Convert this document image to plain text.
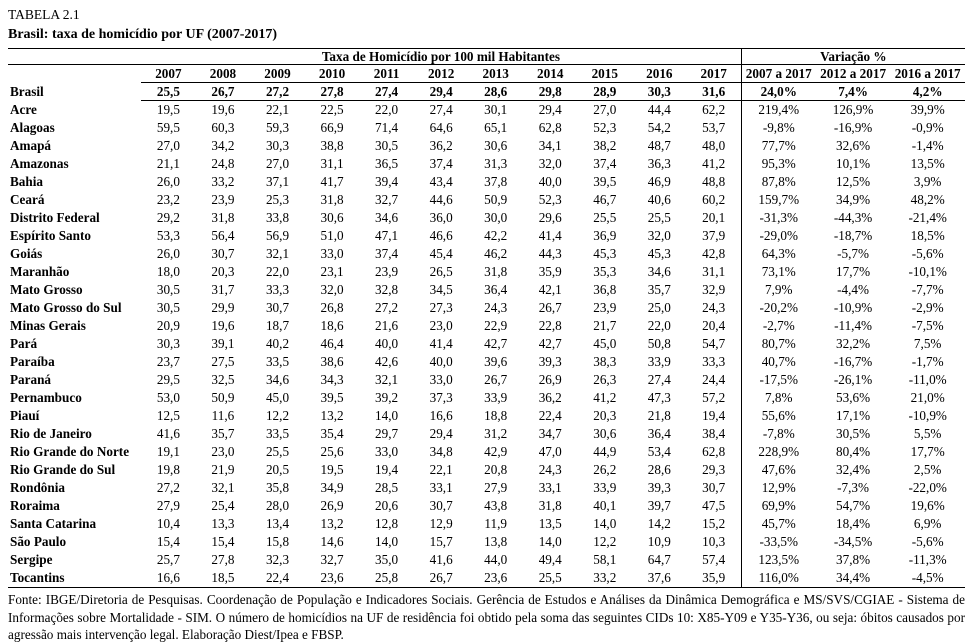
TABELA 2.1
Brasil: taxa de homicídio por UF (2007-2017)
	Taxa de Homicídio por 100 mil Habitantes											Variação %		
	2007	2008	2009	2010	2011	2012	2013	2014	2015	2016	2017	2007 a 2017	2012 a 2017	2016 a 2017
Brasil	25,5	26,7	27,2	27,8	27,4	29,4	28,6	29,8	28,9	30,3	31,6	24,0%	7,4%	4,2%
Acre	19,5	19,6	22,1	22,5	22,0	27,4	30,1	29,4	27,0	44,4	62,2	219,4%	126,9%	39,9%
Alagoas	59,5	60,3	59,3	66,9	71,4	64,6	65,1	62,8	52,3	54,2	53,7	-9,8%	-16,9%	-0,9%
Amapá	27,0	34,2	30,3	38,8	30,5	36,2	30,6	34,1	38,2	48,7	48,0	77,7%	32,6%	-1,4%
Amazonas	21,1	24,8	27,0	31,1	36,5	37,4	31,3	32,0	37,4	36,3	41,2	95,3%	10,1%	13,5%
Bahia	26,0	33,2	37,1	41,7	39,4	43,4	37,8	40,0	39,5	46,9	48,8	87,8%	12,5%	3,9%
Ceará	23,2	23,9	25,3	31,8	32,7	44,6	50,9	52,3	46,7	40,6	60,2	159,7%	34,9%	48,2%
Distrito Federal	29,2	31,8	33,8	30,6	34,6	36,0	30,0	29,6	25,5	25,5	20,1	-31,3%	-44,3%	-21,4%
Espírito Santo	53,3	56,4	56,9	51,0	47,1	46,6	42,2	41,4	36,9	32,0	37,9	-29,0%	-18,7%	18,5%
Goiás	26,0	30,7	32,1	33,0	37,4	45,4	46,2	44,3	45,3	45,3	42,8	64,3%	-5,7%	-5,6%
Maranhão	18,0	20,3	22,0	23,1	23,9	26,5	31,8	35,9	35,3	34,6	31,1	73,1%	17,7%	-10,1%
Mato Grosso	30,5	31,7	33,3	32,0	32,8	34,5	36,4	42,1	36,8	35,7	32,9	7,9%	-4,4%	-7,7%
Mato Grosso do Sul	30,5	29,9	30,7	26,8	27,2	27,3	24,3	26,7	23,9	25,0	24,3	-20,2%	-10,9%	-2,9%
Minas Gerais	20,9	19,6	18,7	18,6	21,6	23,0	22,9	22,8	21,7	22,0	20,4	-2,7%	-11,4%	-7,5%
Pará	30,3	39,1	40,2	46,4	40,0	41,4	42,7	42,7	45,0	50,8	54,7	80,7%	32,2%	7,5%
Paraíba	23,7	27,5	33,5	38,6	42,6	40,0	39,6	39,3	38,3	33,9	33,3	40,7%	-16,7%	-1,7%
Paraná	29,5	32,5	34,6	34,3	32,1	33,0	26,7	26,9	26,3	27,4	24,4	-17,5%	-26,1%	-11,0%
Pernambuco	53,0	50,9	45,0	39,5	39,2	37,3	33,9	36,2	41,2	47,3	57,2	7,8%	53,6%	21,0%
Piauí	12,5	11,6	12,2	13,2	14,0	16,6	18,8	22,4	20,3	21,8	19,4	55,6%	17,1%	-10,9%
Rio de Janeiro	41,6	35,7	33,5	35,4	29,7	29,4	31,2	34,7	30,6	36,4	38,4	-7,8%	30,5%	5,5%
Rio Grande do Norte	19,1	23,0	25,5	25,6	33,0	34,8	42,9	47,0	44,9	53,4	62,8	228,9%	80,4%	17,7%
Rio Grande do Sul	19,8	21,9	20,5	19,5	19,4	22,1	20,8	24,3	26,2	28,6	29,3	47,6%	32,4%	2,5%
Rondônia	27,2	32,1	35,8	34,9	28,5	33,1	27,9	33,1	33,9	39,3	30,7	12,9%	-7,3%	-22,0%
Roraima	27,9	25,4	28,0	26,9	20,6	30,7	43,8	31,8	40,1	39,7	47,5	69,9%	54,7%	19,6%
Santa Catarina	10,4	13,3	13,4	13,2	12,8	12,9	11,9	13,5	14,0	14,2	15,2	45,7%	18,4%	6,9%
São Paulo	15,4	15,4	15,8	14,6	14,0	15,7	13,8	14,0	12,2	10,9	10,3	-33,5%	-34,5%	-5,6%
Sergipe	25,7	27,8	32,3	32,7	35,0	41,6	44,0	49,4	58,1	64,7	57,4	123,5%	37,8%	-11,3%
Tocantins	16,6	18,5	22,4	23,6	25,8	26,7	23,6	25,5	33,2	37,6	35,9	116,0%	34,4%	-4,5%
Fonte: IBGE/Diretoria de Pesquisas. Coordenação de População e Indicadores Sociais. Gerência de Estudos e Análises da Dinâmica Demográfica e MS/SVS/CGIAE - Sistema de Informações sobre Mortalidade - SIM. O número de homicídios na UF de residência foi obtido pela soma das seguintes CIDs 10: X85-Y09 e Y35-Y36, ou seja: óbitos causados por agressão mais intervenção legal. Elaboração Diest/Ipea e FBSP.
